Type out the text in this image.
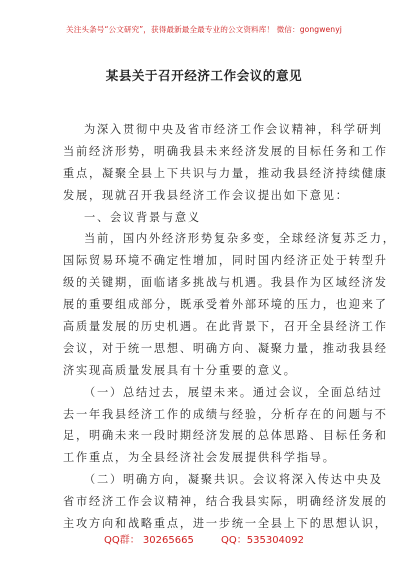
关注头条号“公文研究”，获得最新最全最专业的公文资料库！ 微信：gongwenyj
某县关于召开经济工作会议的意见
为深入贯彻中央及省市经济工作会议精神，科学研判
当前经济形势，明确我县未来经济发展的目标任务和工作
重点，凝聚全县上下共识与力量，推动我县经济持续健康
发展，现就召开我县经济工作会议提出如下意见：
一、会议背景与意义
当前，国内外经济形势复杂多变，全球经济复苏乏力，
国际贸易环境不确定性增加，同时国内经济正处于转型升
级的关键期，面临诸多挑战与机遇。我县作为区域经济发
展的重要组成部分，既承受着外部环境的压力，也迎来了
高质量发展的历史机遇。在此背景下，召开全县经济工作
会议，对于统一思想、明确方向、凝聚力量，推动我县经
济实现高质量发展具有十分重要的意义。
（一）总结过去，展望未来。通过会议，全面总结过
去一年我县经济工作的成绩与经验，分析存在的问题与不
足，明确未来一段时期经济发展的总体思路、目标任务和
工作重点，为全县经济社会发展提供科学指导。
（二）明确方向，凝聚共识。会议将深入传达中央及
省市经济工作会议精神，结合我县实际，明确经济发展的
主攻方向和战略重点，进一步统一全县上下的思想认识，
QQ群： 30265665	QQ：535304092
